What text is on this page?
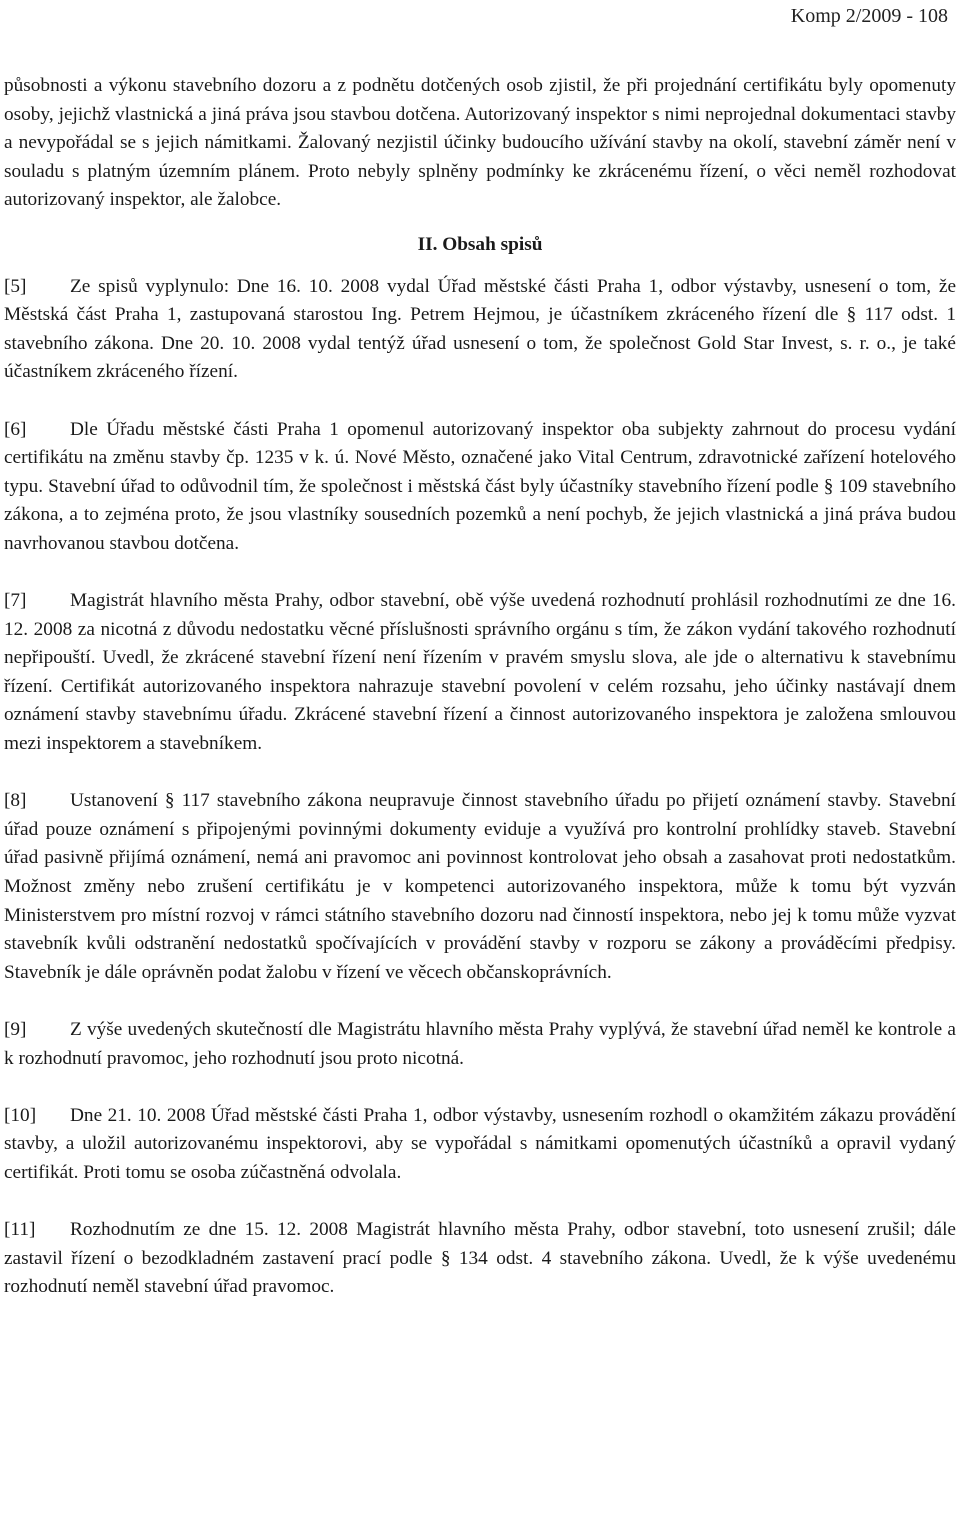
Komp 2/2009 - 108

působnosti a výkonu stavebního dozoru a z podnětu dotčených osob zjistil, že při projednání certifikátu byly opomenuty osoby, jejichž vlastnická a jiná práva jsou stavbou dotčena. Autorizovaný inspektor s nimi neprojednal dokumentaci stavby a nevypořádal se s jejich námitkami. Žalovaný nezjistil účinky budoucího užívání stavby na okolí, stavební záměr není v souladu s platným územním plánem. Proto nebyly splněny podmínky ke zkrácenému řízení, o věci neměl rozhodovat autorizovaný inspektor, ale žalobce.

II. Obsah spisů

[5] Ze spisů vyplynulo: Dne 16. 10. 2008 vydal Úřad městské části Praha 1, odbor výstavby, usnesení o tom, že Městská část Praha 1, zastupovaná starostou Ing. Petrem Hejmou, je účastníkem zkráceného řízení dle § 117 odst. 1 stavebního zákona. Dne 20. 10. 2008 vydal tentýž úřad usnesení o tom, že společnost Gold Star Invest, s. r. o., je také účastníkem zkráceného řízení.

[6] Dle Úřadu městské části Praha 1 opomenul autorizovaný inspektor oba subjekty zahrnout do procesu vydání certifikátu na změnu stavby čp. 1235 v k. ú. Nové Město, označené jako Vital Centrum, zdravotnické zařízení hotelového typu. Stavební úřad to odůvodnil tím, že společnost i městská část byly účastníky stavebního řízení podle § 109 stavebního zákona, a to zejména proto, že jsou vlastníky sousedních pozemků a není pochyb, že jejich vlastnická a jiná práva budou navrhovanou stavbou dotčena.

[7] Magistrát hlavního města Prahy, odbor stavební, obě výše uvedená rozhodnutí prohlásil rozhodnutími ze dne 16. 12. 2008 za nicotná z důvodu nedostatku věcné příslušnosti správního orgánu s tím, že zákon vydání takového rozhodnutí nepřipouští. Uvedl, že zkrácené stavební řízení není řízením v pravém smyslu slova, ale jde o alternativu k stavebnímu řízení. Certifikát autorizovaného inspektora nahrazuje stavební povolení v celém rozsahu, jeho účinky nastávají dnem oznámení stavby stavebnímu úřadu. Zkrácené stavební řízení a činnost autorizovaného inspektora je založena smlouvou mezi inspektorem a stavebníkem.

[8] Ustanovení § 117 stavebního zákona neupravuje činnost stavebního úřadu po přijetí oznámení stavby. Stavební úřad pouze oznámení s připojenými povinnými dokumenty eviduje a využívá pro kontrolní prohlídky staveb. Stavební úřad pasivně přijímá oznámení, nemá ani pravomoc ani povinnost kontrolovat jeho obsah a zasahovat proti nedostatkům. Možnost změny nebo zrušení certifikátu je v kompetenci autorizovaného inspektora, může k tomu být vyzván Ministerstvem pro místní rozvoj v rámci státního stavebního dozoru nad činností inspektora, nebo jej k tomu může vyzvat stavebník kvůli odstranění nedostatků spočívajících v provádění stavby v rozporu se zákony a prováděcími předpisy. Stavebník je dále oprávněn podat žalobu v řízení ve věcech občanskoprávních.

[9] Z výše uvedených skutečností dle Magistrátu hlavního města Prahy vyplývá, že stavební úřad neměl ke kontrole a k rozhodnutí pravomoc, jeho rozhodnutí jsou proto nicotná.

[10] Dne 21. 10. 2008 Úřad městské části Praha 1, odbor výstavby, usnesením rozhodl o okamžitém zákazu provádění stavby, a uložil autorizovanému inspektorovi, aby se vypořádal s námitkami opomenutých účastníků a opravil vydaný certifikát. Proti tomu se osoba zúčastněná odvolala.

[11] Rozhodnutím ze dne 15. 12. 2008 Magistrát hlavního města Prahy, odbor stavební, toto usnesení zrušil; dále zastavil řízení o bezodkladném zastavení prací podle § 134 odst. 4 stavebního zákona. Uvedl, že k výše uvedenému rozhodnutí neměl stavební úřad pravomoc.
